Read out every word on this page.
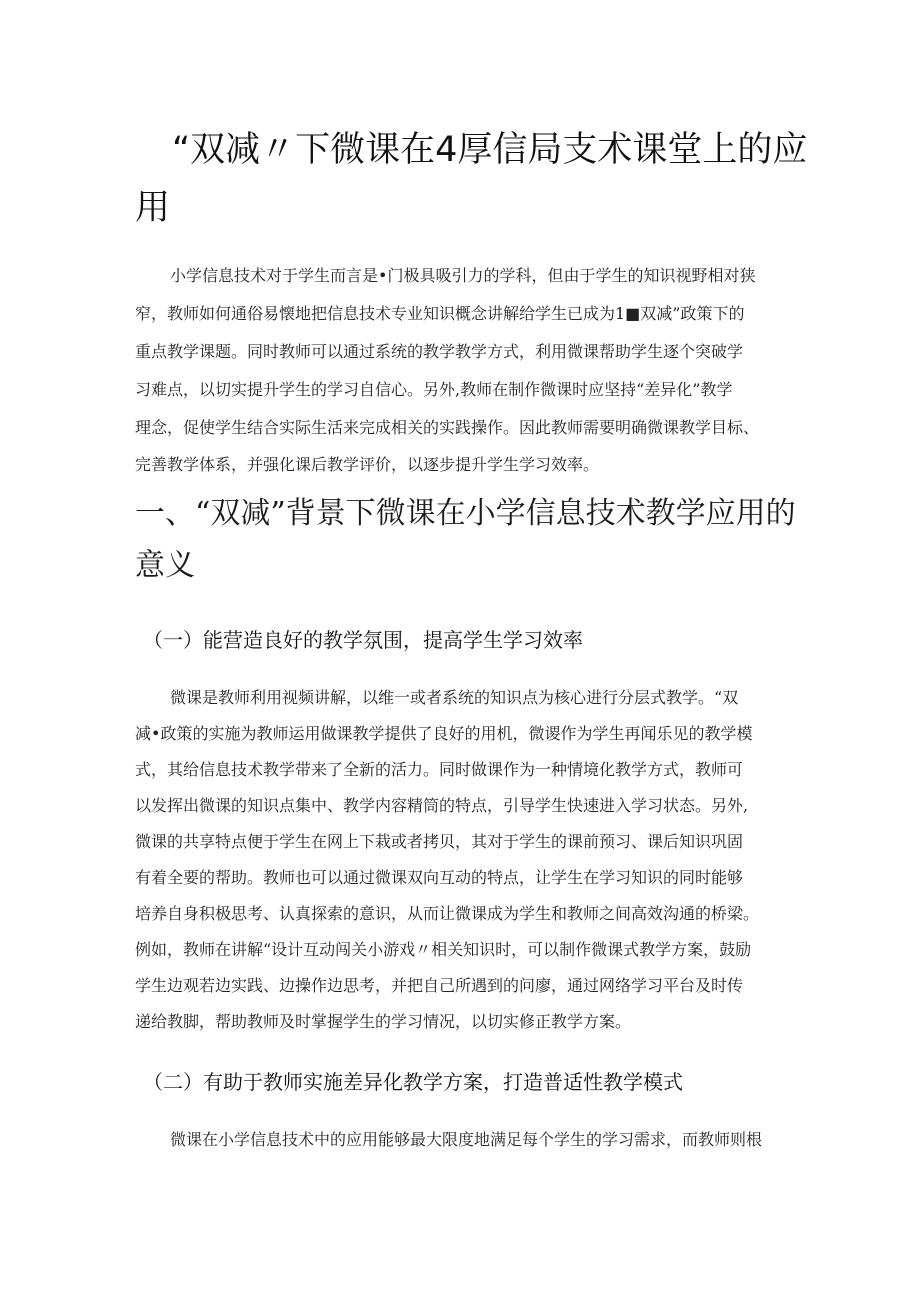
“双减〃下微课在4厚信局支术课堂上的应
用
小学信息技术对于学生而言是•门极具吸引力的学科，但由于学生的知识视野相对狭
窄，教师如何通俗易懐地把信息技术专业知识概念讲解给学生已成为1■双减”政策下的
重点教学课题。同时教师可以通过系统的教学教学方式，利用微课帮助学生逐个突破学
习难点，以切实提升学生的学习自信心。另外,教师在制作微课时应坚持“差异化”教学
理念，促使学生结合实际生活来完成相关的实践操作。因此教师需要明确微课教学目标、
完善教学体系，并强化课后教学评价，以逐步提升学生学习效率。
一、“双减”背景下微课在小学信息技术教学应用的
意义
（一）能营造良好的教学氛围，提高学生学习效率
微课是教师利用视频讲解，以维一或者系统的知识点为核心进行分层式教学。“双
减•政策的实施为教师运用做课教学提供了良好的用机，微谡作为学生再闻乐见的教学模
式，其给信息技术教学带来了全新的活力。同时做课作为一种情境化教学方式，教师可
以发挥出微课的知识点集中、教学内容精筒的特点，引导学生快速进入学习状态。另外,
微课的共享特点便于学生在网上下栽或者拷贝，其对于学生的课前预习、课后知识巩固
有着全要的帮助。教师也可以通过微课双向互动的特点，让学生在学习知识的同时能够
培养自身积极思考、认真探索的意识，从而让微课成为学生和教师之间高效沟通的桥梁。
例如，教师在讲解“设计互动闯关小游戏〃相关知识时，可以制作微课式教学方案，鼓励
学生边观若边实践、边操作边思考，并把自己所遇到的问廖，通过网络学习平台及时传
递给教脚，帮助教师及时掌握学生的学习情况，以切实修正教学方案。
（二）有助于教师实施差异化教学方案，打造普适性教学模式
微课在小学信息技术中的应用能够最大限度地满足每个学生的学习需求，而教师则根
